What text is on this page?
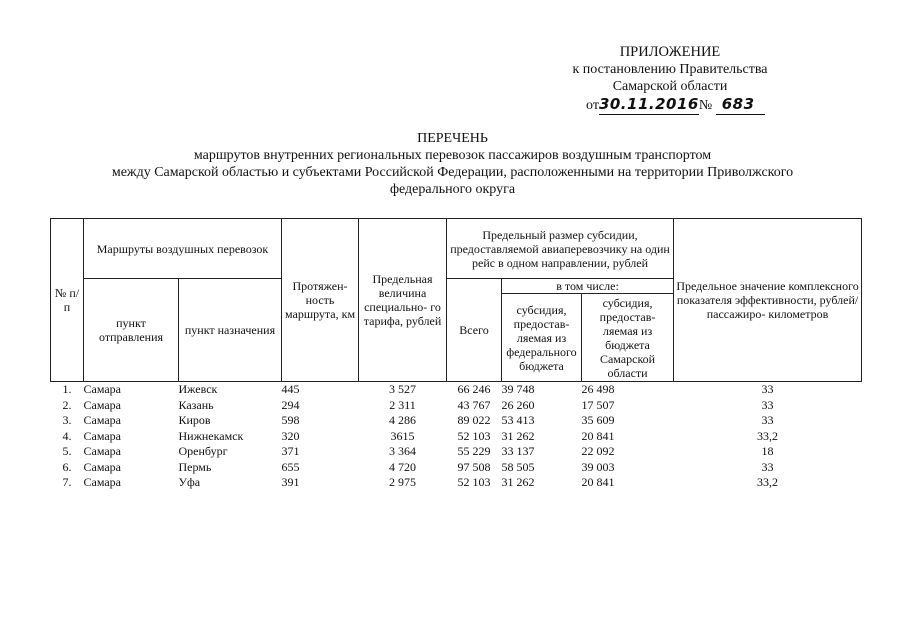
ПРИЛОЖЕНИЕ
к постановлению Правительства
Самарской области
от30.11.2016№ 683
ПЕРЕЧЕНЬ
маршрутов внутренних региональных перевозок пассажиров воздушным транспортом
между Самарской областью и субъектами Российской Федерации, расположенными на территории Приволжского
федерального округа
№ п/п	Маршруты воздушных перевозок		Протяжен- ность маршрута, км	Предельная величина специально- го тарифа, рублей	Предельный размер субсидии, предоставляемой авиаперевозчику на один рейс в одном направлении, рублей			Предельное значение комплексного показателя эффективности, рублей/пассажиро- километров
	пункт отправления	пункт назначения			Всего	в том числе:		
						субсидия, предостав- ляемая из федерального бюджета	субсидия, предостав- ляемая из бюджета Самарской области	
1.	Самара	Ижевск	445	3 527	66 246	39 748	26 498	33
2.	Самара	Казань	294	2 311	43 767	26 260	17 507	33
3.	Самара	Киров	598	4 286	89 022	53 413	35 609	33
4.	Самара	Нижнекамск	320	3615	52 103	31 262	20 841	33,2
5.	Самара	Оренбург	371	3 364	55 229	33 137	22 092	18
6.	Самара	Пермь	655	4 720	97 508	58 505	39 003	33
7.	Самара	Уфа	391	2 975	52 103	31 262	20 841	33,2
